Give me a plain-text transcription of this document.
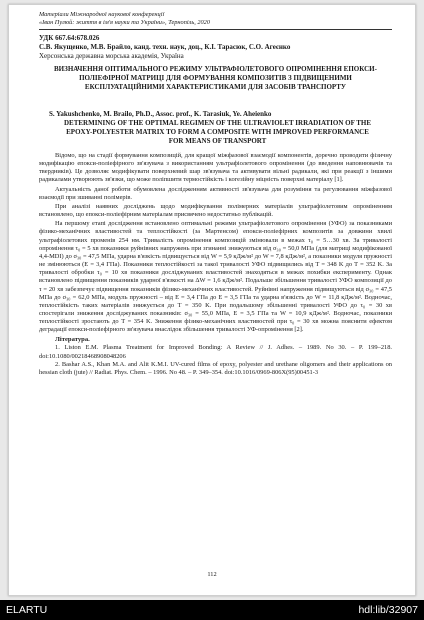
Матеріали Міжнародної наукової конференції
«Іван Пулюй: життя в ім'я науки та України», Тернопіль, 2020
УДК 667.64:678.026
С.В. Якущенко, М.В. Брайло, канд. техн. наук, доц., К.І. Тарасюк, С.О. Агеєнко
Херсонська державна морська академія, Україна
ВИЗНАЧЕННЯ ОПТИМАЛЬНОГО РЕЖИМУ УЛЬТРАФІОЛЕТОВОГО ОПРОМІНЕННЯ ЕПОКСИ-ПОЛІЕФІРНОЇ МАТРИЦІ ДЛЯ ФОРМУВАННЯ КОМПОЗИТІВ З ПІДВИЩЕНИМИ ЕКСПЛУАТАЦІЙНИМИ ХАРАКТЕРИСТИКАМИ ДЛЯ ЗАСОБІВ ТРАНСПОРТУ
S. Yakushchenko, M. Brailo, Ph.D., Assoc. prof., K. Tarasiuk, Ye. Aheienko
DETERMINING OF THE OPTIMAL REGIMEN OF THE ULTRAVIOLET IRRADIATION OF THE EPOXY-POLYESTER MATRIX TO FORM A COMPOSITE WITH IMPROVED PERFORMANCE FOR MEANS OF TRANSPORT

Відомо, що на стадії формування композицій, для кращої міжфазової взаємодії компонентів, доречно проводити фізичну модифікацію епокси-поліефірного зв'язувача з використанням ультрафіолетового опромінення (до введення наповнювачів та твердників). Це дозволяє модифікувати поверхневий шар зв'язувача та активувати вільні радикали, які при реакції з іншими радикалами утворюють зв'язки, що може поліпшити термостійкість і когезійну міцність поверхні матеріалу [1].

Актуальність даної роботи обумовлена дослідженням активності зв'язувача для розуміння та регулювання міжфазової взаємодії при зшиванні полімерів.

При аналізі наявних досліджень щодо модифікування полімерних матеріалів ультрафіолетовим опроміненням встановлено, що епокси-поліефірним матеріалам присвячено недостатньо публікацій.

На першому етапі дослідження встановлено оптимальні режими ультрафіолетового опромінення (УФО) за показниками фізико-механічних властивостей та теплостійкості (за Мартенсом) епокси-поліефірних композитів за довжини хвилі ультрафіолетових променів 254 нм. Тривалість опромінення композицій змінювали в межах τ₀ = 5…30 хв. За тривалості опромінення τ₀ = 5 хв показники руйнівних напружень при згинанні знижуються від σ₃₀ = 50,0 МПа (для матриці модифікованої 4,4-MDI) до σ₃₀ = 47,5 МПа, ударна в'язкість підвищується від W = 5,9 кДж/м² до W = 7,8 кДж/м², а показники модуля пружності не змінюються (E = 3,4 ГПа). Показники теплостійкості за такої тривалості УФО підвищились від T = 348 K до T = 352 K. За тривалості обробки τ₀ = 10 хв показники досліджуваних властивостей знаходяться в межах похибки експерименту. Однак встановлено підвищення показників ударної в'язкості на ΔW = 1,6 кДж/м². Подальше збільшення тривалості УФО композиції до τ = 20 хв забезпечує підвищення показників фізико-механічних властивостей. Руйнівні напруження підвищуються від σ₃₀ = 47,5 МПа до σ₃₀ = 62,0 МПа, модуль пружності – від E = 3,4 ГПа до E = 3,5 ГПа та ударна в'язкість до W = 11,8 кДж/м². Водночас, теплостійкість таких матеріалів знижується до T = 350 K. При подальшому збільшенні тривалості УФО до τ₀ = 30 хв спостерігали зниження досліджуваних показників: σ₃₀ = 55,0 МПа, E = 3,5 ГПа та W = 10,9 кДж/м². Водночас, показники теплостійкості зростають до T = 354 K. Зниження фізико-механічних властивостей при τ₀ = 30 хв можна пояснити ефектом деградації епокси-поліефірного зв'язувача внаслідок збільшення тривалості УФ-опромінення [2].

Література.

1. Liston E.M. Plasma Treatment for Improved Bonding: A Review // J. Adhes. – 1989. No 30. – P. 199–218. doi:10.1080/00218468908048206

2. Bashar A.S., Khan M.A. and Alit K.M.I. UV-cured films of epoxy, polyester and urethane oligomers and their applications on hessian cloth (jute) // Radiat. Phys. Chem. – 1996. No 48. – P. 349–354. doi:10.1016/0969-806X(95)00451-3

112
ELARTU	hdl:lib/32907
